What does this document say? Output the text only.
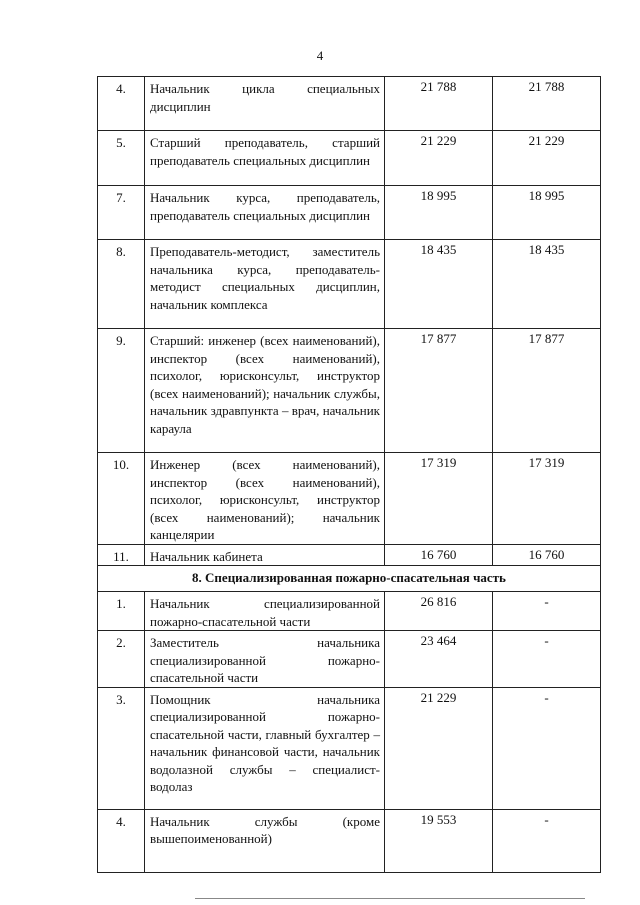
4
4.	Начальник цикла специальных дисциплин	21 788	21 788
5.	Старший преподаватель, старший преподаватель специальных дисциплин	21 229	21 229
7.	Начальник курса, преподаватель, преподаватель специальных дисциплин	18 995	18 995
8.	Преподаватель-методист, заместитель начальника курса, преподаватель-методист специальных дисциплин, начальник комплекса	18 435	18 435
9.	Старший: инженер (всех наименований), инспектор (всех наименований), психолог, юрисконсульт, инструктор (всех наименований); начальник службы, начальник здравпункта – врач, начальник караула	17 877	17 877
10.	Инженер (всех наименований), инспектор (всех наименований), психолог, юрисконсульт, инструктор (всех наименований); начальник канцелярии	17 319	17 319
11.	Начальник кабинета	16 760	16 760
8. Специализированная пожарно-спасательная часть			
1.	Начальник специализированной пожарно-спасательной части	26 816	-
2.	Заместитель начальника специализированной пожарно-спасательной части	23 464	-
3.	Помощник начальника специализированной пожарно-спасательной части, главный бухгалтер – начальник финансовой части, начальник водолазной службы – специалист-водолаз	21 229	-
4.	Начальник службы (кроме вышепоименованной)	19 553	-
